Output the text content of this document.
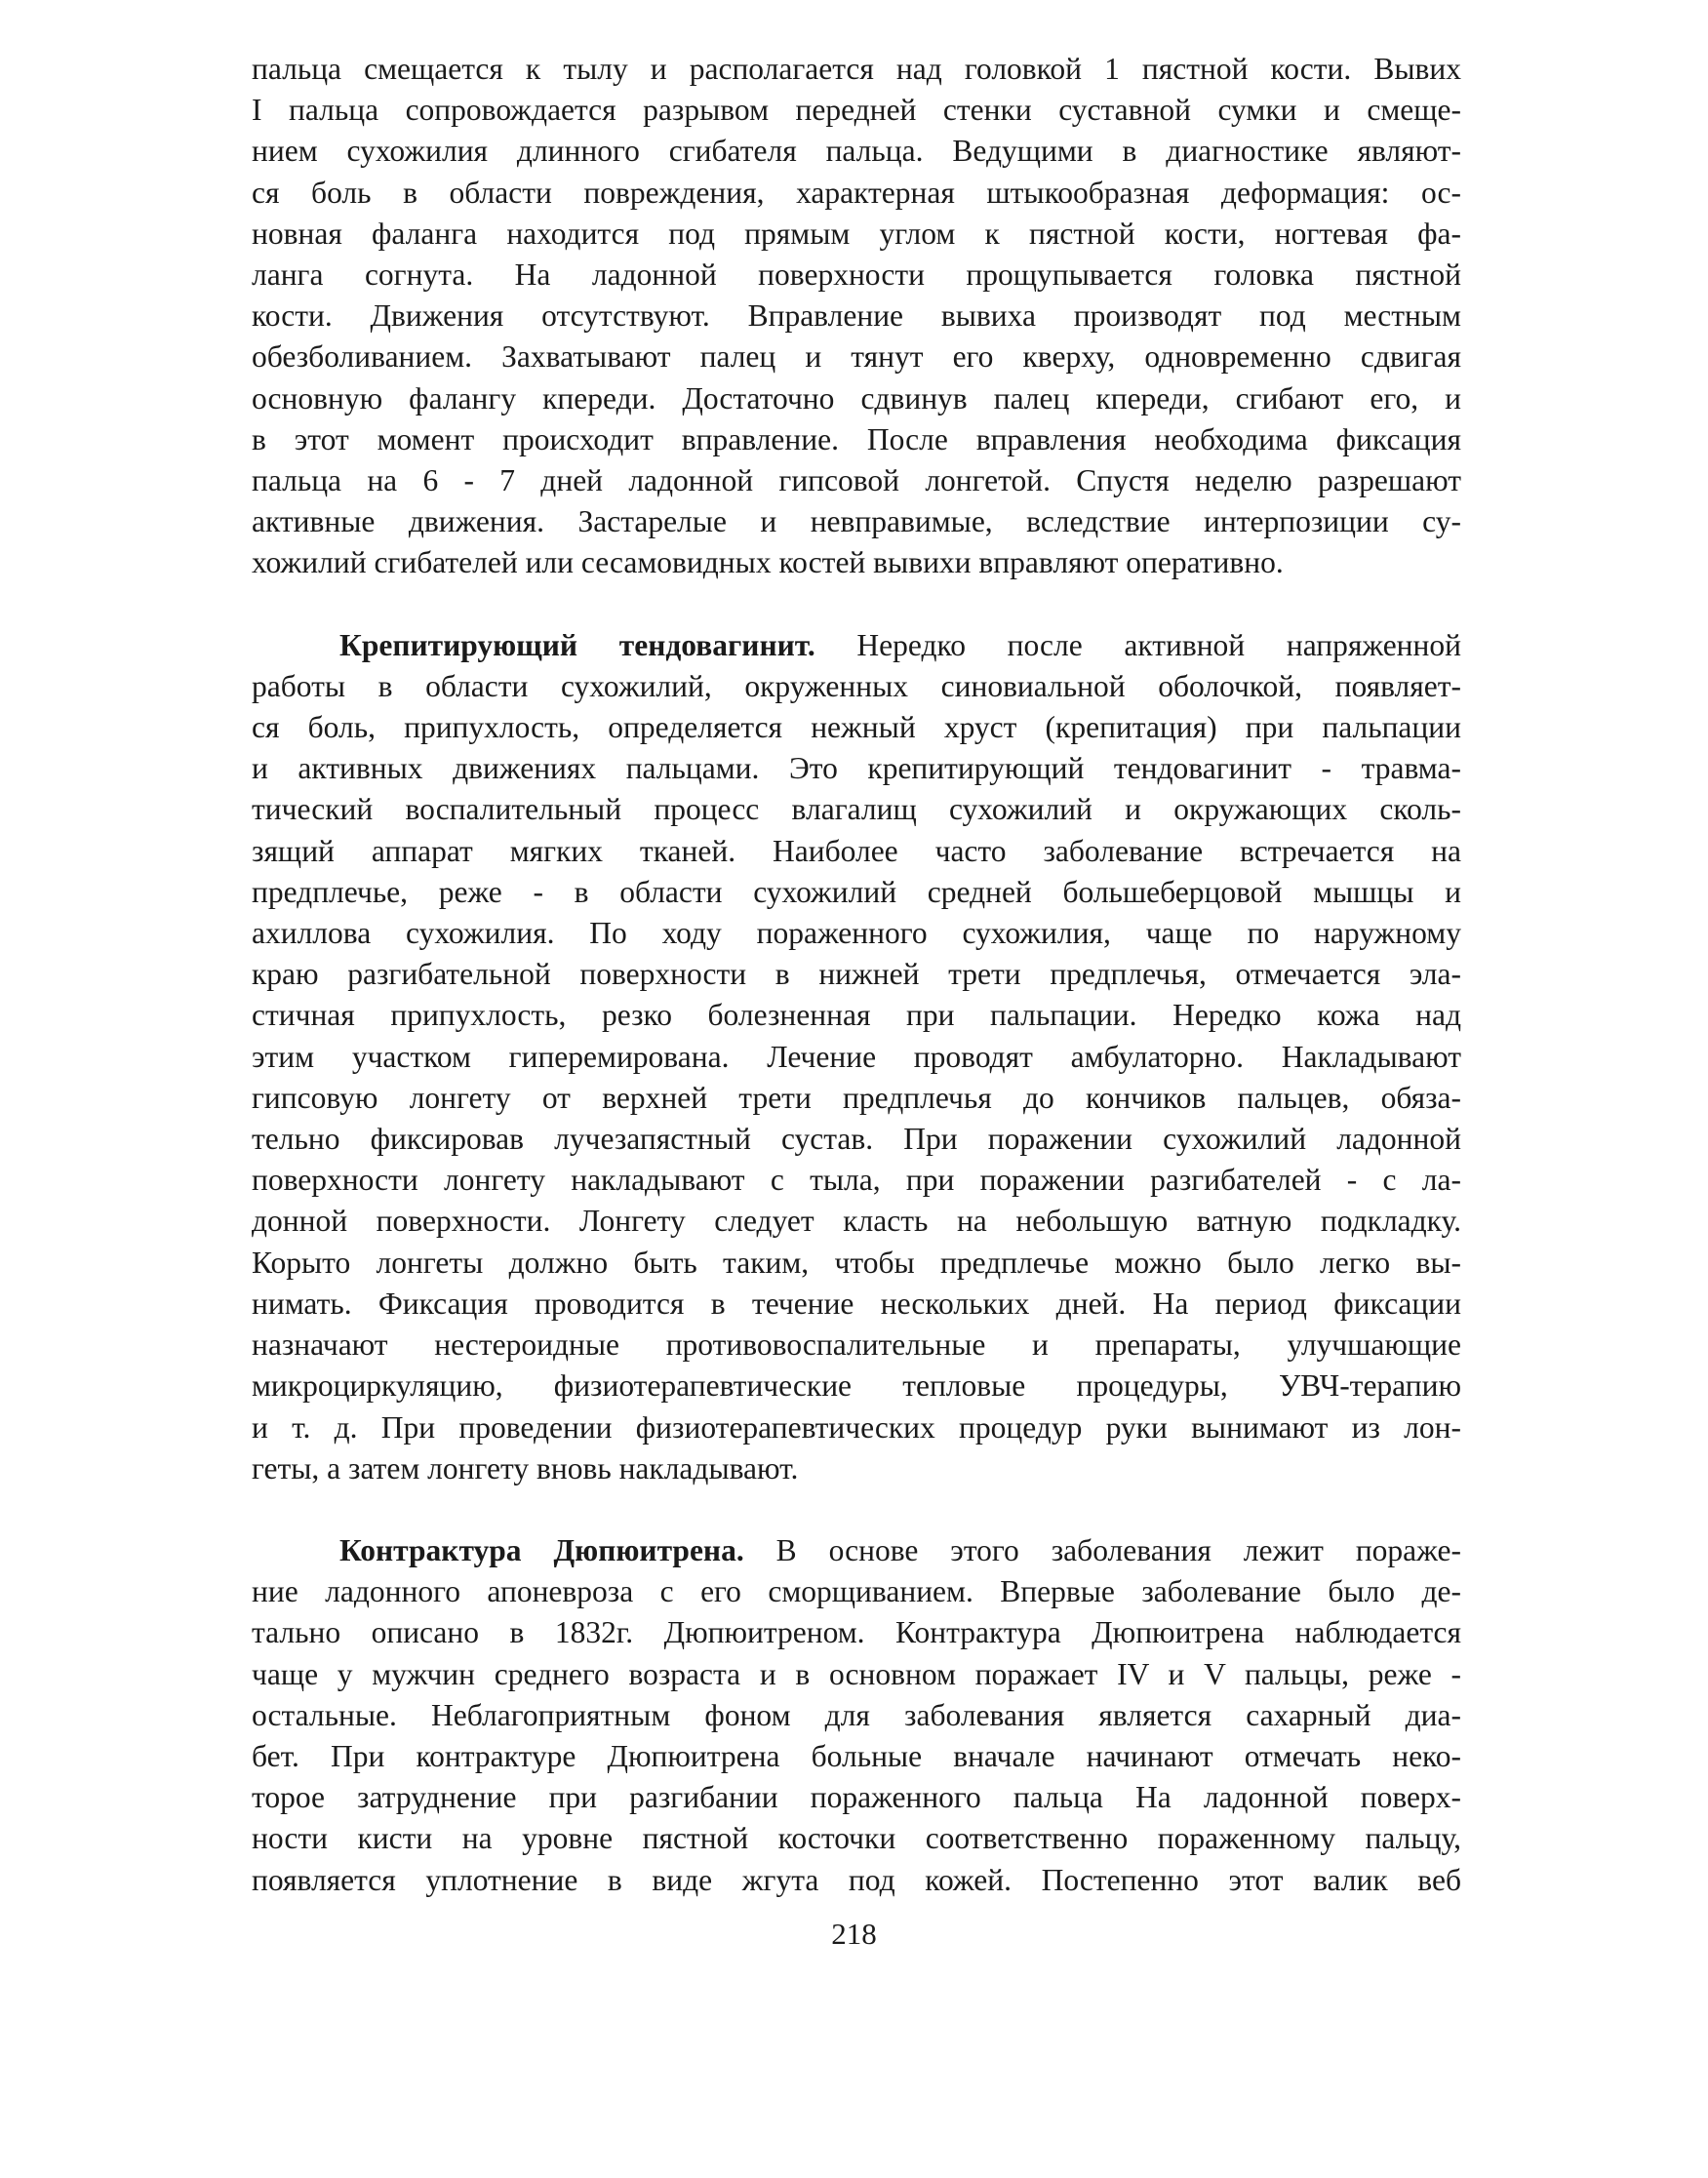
пальца смещается к тылу и располагается над головкой 1 пястной кости. Вывих
I пальца сопровождается разрывом передней стенки суставной сумки и смеще-
нием сухожилия длинного сгибателя пальца. Ведущими в диагностике являют-
ся боль в области повреждения, характерная штыкообразная деформация: ос-
новная фаланга находится под прямым углом к пястной кости, ногтевая фа-
ланга согнута. На ладонной поверхности прощупывается головка пястной
кости. Движения отсутствуют. Вправление вывиха производят под местным
обезболиванием. Захватывают палец и тянут его кверху, одновременно сдвигая
основную фалангу кпереди. Достаточно сдвинув палец кпереди, сгибают его, и
в этот момент происходит вправление. После вправления необходима фиксация
пальца на 6 - 7 дней ладонной гипсовой лонгетой. Спустя неделю разрешают
активные движения. Застарелые и невправимые, вследствие интерпозиции су-
хожилий сгибателей или сесамовидных костей вывихи вправляют оперативно.
Крепитирующий тендовагинит. Нередко после активной напряженной
работы в области сухожилий, окруженных синовиальной оболочкой, появляет-
ся боль, припухлость, определяется нежный хруст (крепитация) при пальпации
и активных движениях пальцами. Это крепитирующий тендовагинит - травма-
тический воспалительный процесс влагалищ сухожилий и окружающих сколь-
зящий аппарат мягких тканей. Наиболее часто заболевание встречается на
предплечье, реже - в области сухожилий средней большеберцовой мышцы и
ахиллова сухожилия. По ходу пораженного сухожилия, чаще по наружному
краю разгибательной поверхности в нижней трети предплечья, отмечается эла-
стичная припухлость, резко болезненная при пальпации. Нередко кожа над
этим участком гиперемирована. Лечение проводят амбулаторно. Накладывают
гипсовую лонгету от верхней трети предплечья до кончиков пальцев, обяза-
тельно фиксировав лучезапястный сустав. При поражении сухожилий ладонной
поверхности лонгету накладывают с тыла, при поражении разгибателей - с ла-
донной поверхности. Лонгету следует класть на небольшую ватную подкладку.
Корыто лонгеты должно быть таким, чтобы предплечье можно было легко вы-
нимать. Фиксация проводится в течение нескольких дней. На период фиксации
назначают нестероидные противовоспалительные и препараты, улучшающие
микроциркуляцию, физиотерапевтические тепловые процедуры, УВЧ-терапию
и т. д. При проведении физиотерапевтических процедур руки вынимают из лон-
геты, а затем лонгету вновь накладывают.
Контрактура Дюпюитрена. В основе этого заболевания лежит пораже-
ние ладонного апоневроза с его сморщиванием. Впервые заболевание было де-
тально описано в 1832г. Дюпюитреном. Контрактура Дюпюитрена наблюдается
чаще у мужчин среднего возраста и в основном поражает IV и V пальцы, реже -
остальные. Неблагоприятным фоном для заболевания является сахарный диа-
бет. При контрактуре Дюпюитрена больные вначале начинают отмечать неко-
торое затруднение при разгибании пораженного пальца На ладонной поверх-
ности кисти на уровне пястной косточки соответственно пораженному пальцу,
появляется уплотнение в виде жгута под кожей. Постепенно этот валик веб
218
